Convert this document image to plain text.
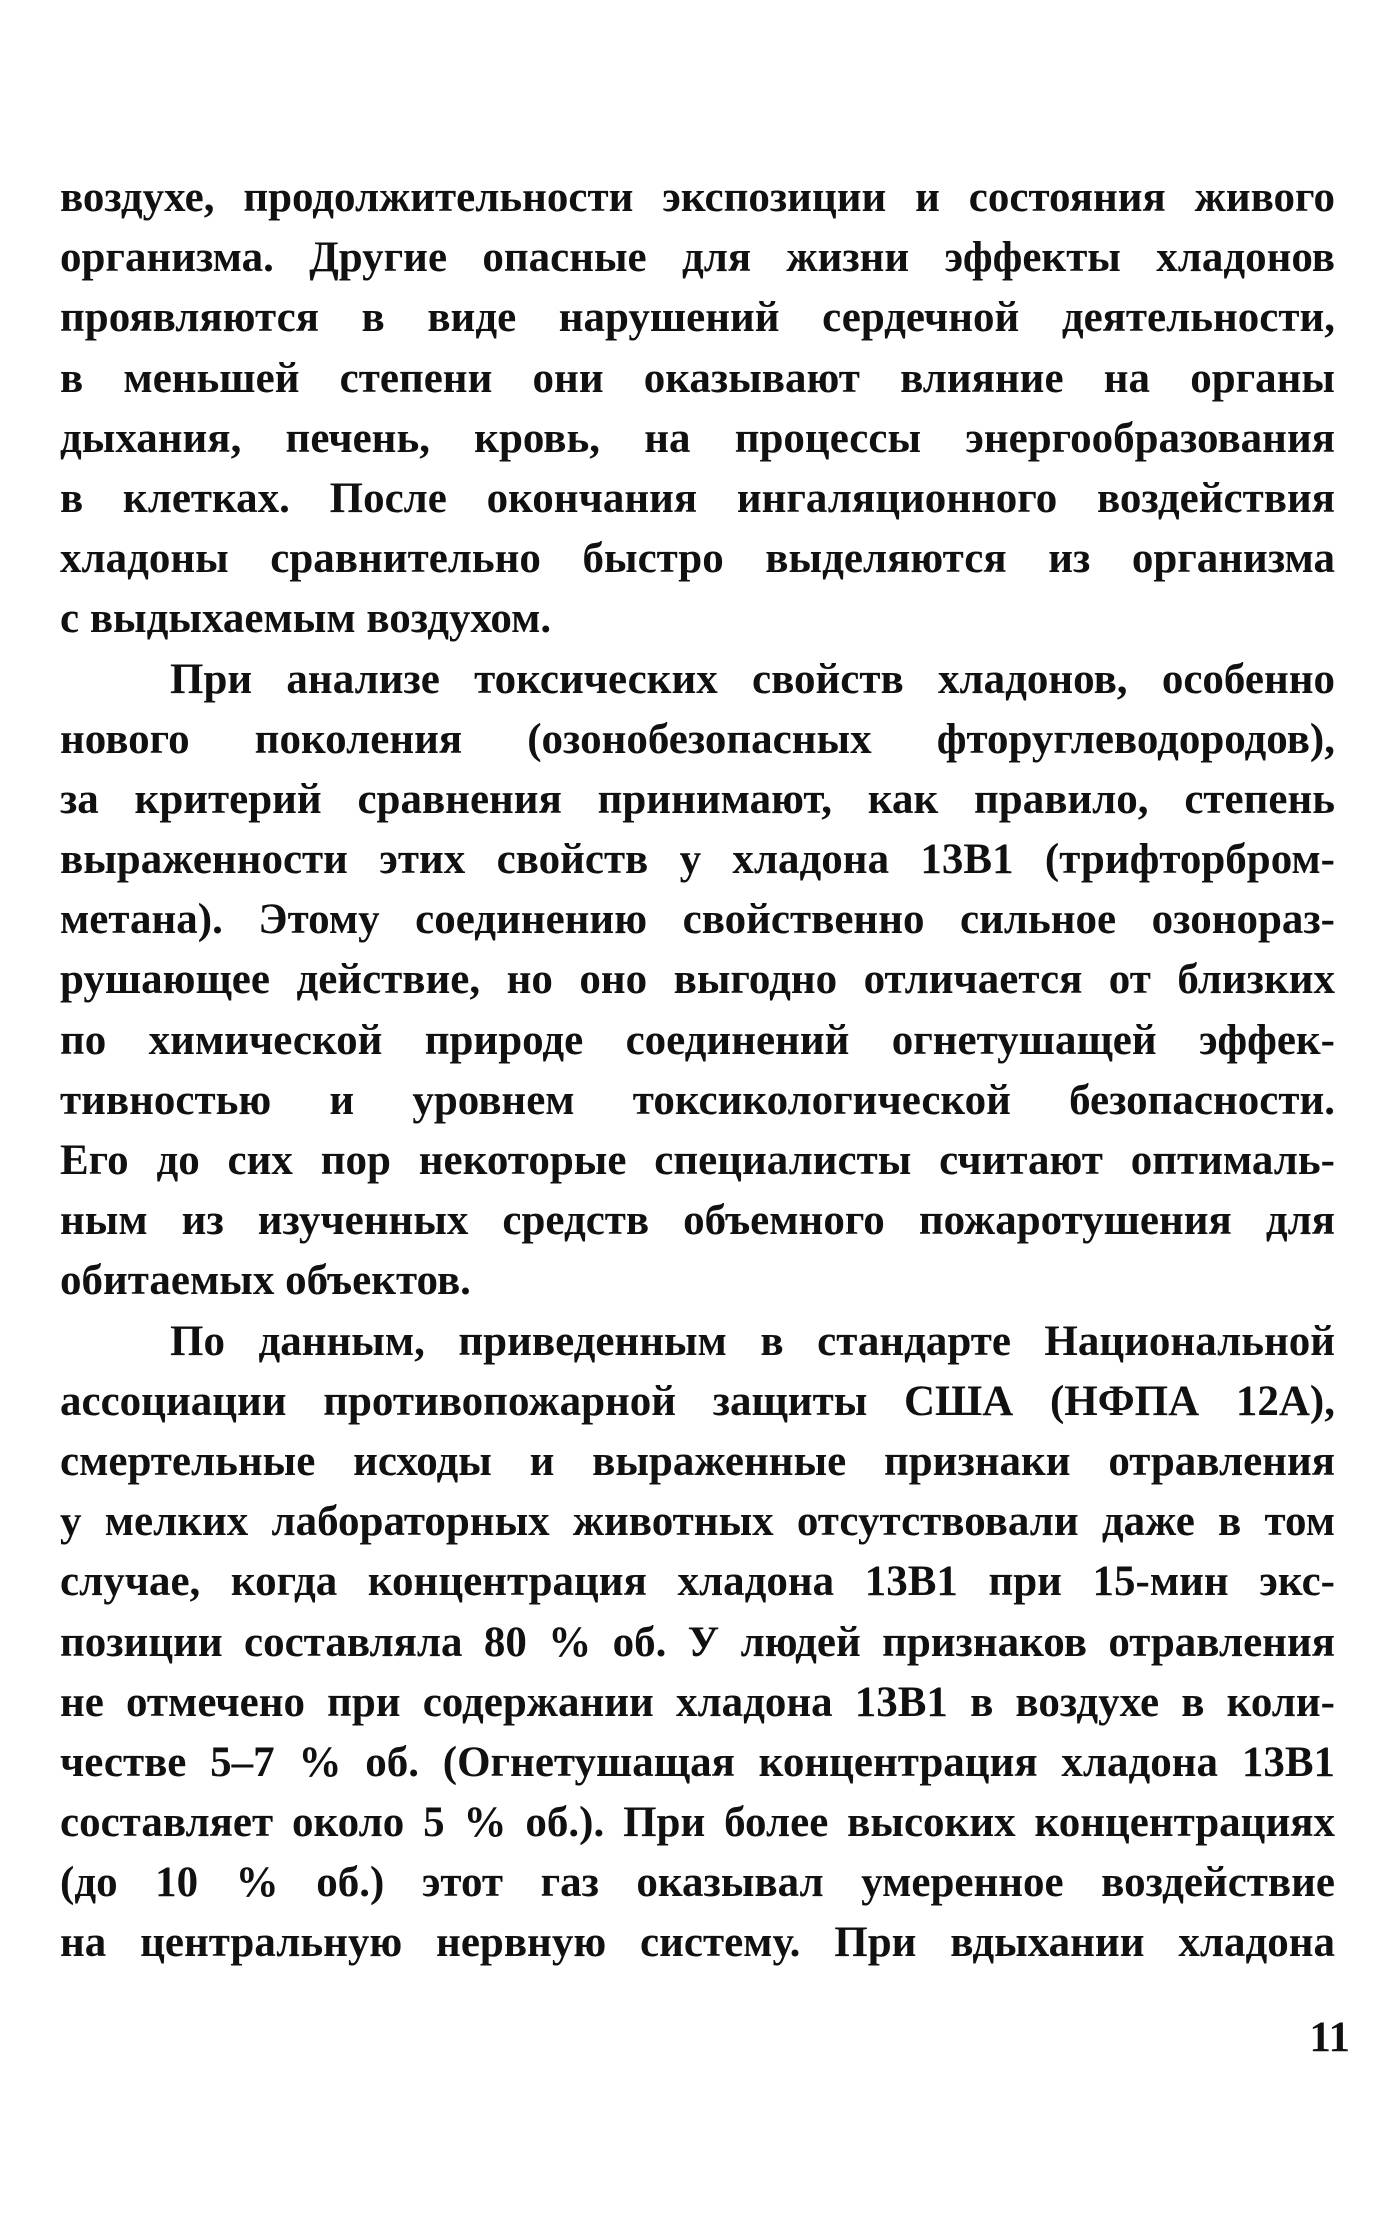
воздухе, продолжительности экспозиции и состояния живого
организма. Другие опасные для жизни эффекты хладонов
проявляются в виде нарушений сердечной деятельности,
в меньшей степени они оказывают влияние на органы
дыхания, печень, кровь, на процессы энергообразования
в клетках. После окончания ингаляционного воздействия
хладоны сравнительно быстро выделяются из организма
с выдыхаемым воздухом.
При анализе токсических свойств хладонов, особенно
нового поколения (озонобезопасных фторуглеводородов),
за критерий сравнения принимают, как правило, степень
выраженности этих свойств у хладона 13В1 (трифторбром-
метана). Этому соединению свойственно сильное озонораз-
рушающее действие, но оно выгодно отличается от близких
по химической природе соединений огнетушащей эффек-
тивностью и уровнем токсикологической безопасности.
Его до сих пор некоторые специалисты считают оптималь-
ным из изученных средств объемного пожаротушения для
обитаемых объектов.
По данным, приведенным в стандарте Национальной
ассоциации противопожарной защиты США (НФПА 12А),
смертельные исходы и выраженные признаки отравления
у мелких лабораторных животных отсутствовали даже в том
случае, когда концентрация хладона 13В1 при 15-мин экс-
позиции составляла 80 % об. У людей признаков отравления
не отмечено при содержании хладона 13В1 в воздухе в коли-
честве 5–7 % об. (Огнетушащая концентрация хладона 13В1
составляет около 5 % об.). При более высоких концентрациях
(до 10 % об.) этот газ оказывал умеренное воздействие
на центральную нервную систему. При вдыхании хладона
11
